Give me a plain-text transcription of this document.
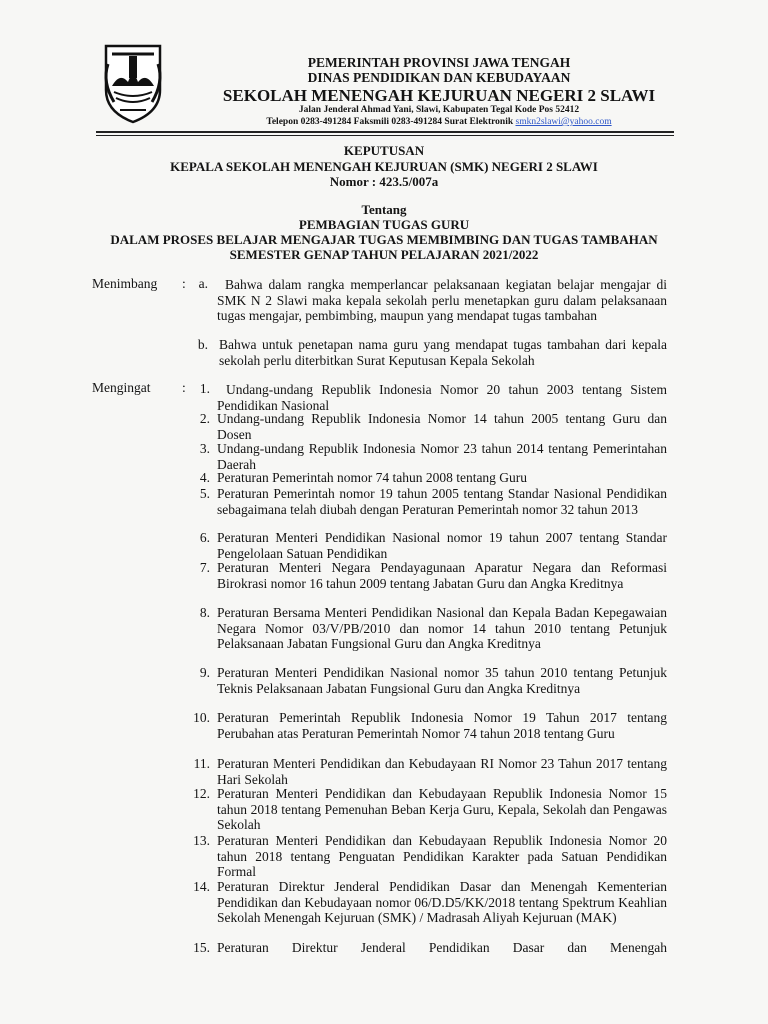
PEMERINTAH PROVINSI JAWA TENGAH
DINAS PENDIDIKAN DAN KEBUDAYAAN
SEKOLAH MENENGAH KEJURUAN NEGERI 2 SLAWI
Jalan Jenderal Ahmad Yani, Slawi, Kabupaten Tegal Kode Pos 52412
Telepon 0283-491284 Faksmili 0283-491284 Surat Elektronik smkn2slawi@yahoo.com
KEPUTUSAN
KEPALA SEKOLAH MENENGAH KEJURUAN (SMK) NEGERI 2 SLAWI
Nomor : 423.5/007a
Tentang
PEMBAGIAN TUGAS GURU
DALAM PROSES BELAJAR MENGAJAR TUGAS MEMBIMBING DAN TUGAS TAMBAHAN
SEMESTER GENAP TAHUN PELAJARAN 2021/2022
Menimbang : a.	Bahwa dalam rangka memperlancar pelaksanaan kegiatan belajar mengajar di SMK N 2 Slawi maka kepala sekolah perlu menetapkan guru dalam pelaksanaan tugas mengajar, pembimbing, maupun yang mendapat tugas tambahan
b. Bahwa untuk penetapan nama guru yang mendapat tugas tambahan dari kepala sekolah perlu diterbitkan Surat Keputusan Kepala Sekolah
Mengingat :	1.	Undang-undang Republik Indonesia Nomor 20 tahun 2003 tentang Sistem Pendidikan Nasional
2. Undang-undang Republik Indonesia Nomor 14 tahun 2005 tentang Guru dan Dosen
3. Undang-undang Republik Indonesia Nomor 23 tahun 2014 tentang Pemerintahan Daerah
4. Peraturan Pemerintah nomor 74 tahun 2008 tentang Guru
5. Peraturan Pemerintah nomor 19 tahun 2005 tentang Standar Nasional Pendidikan sebagaimana telah diubah dengan Peraturan Pemerintah nomor 32 tahun 2013
6. Peraturan Menteri Pendidikan Nasional nomor 19 tahun 2007 tentang Standar Pengelolaan Satuan Pendidikan
7. Peraturan Menteri Negara Pendayagunaan Aparatur Negara dan Reformasi Birokrasi nomor 16 tahun 2009 tentang Jabatan Guru dan Angka Kreditnya
8. Peraturan Bersama Menteri Pendidikan Nasional dan Kepala Badan Kepegawaian Negara Nomor 03/V/PB/2010 dan nomor 14 tahun 2010 tentang Petunjuk Pelaksanaan Jabatan Fungsional Guru dan Angka Kreditnya
9. Peraturan Menteri Pendidikan Nasional nomor 35 tahun 2010 tentang Petunjuk Teknis Pelaksanaan Jabatan Fungsional Guru dan Angka Kreditnya
10. Peraturan Pemerintah Republik Indonesia Nomor 19 Tahun 2017 tentang Perubahan atas Peraturan Pemerintah Nomor 74 tahun 2018 tentang Guru
11. Peraturan Menteri Pendidikan dan Kebudayaan RI Nomor 23 Tahun 2017 tentang Hari Sekolah
12. Peraturan Menteri Pendidikan dan Kebudayaan Republik Indonesia Nomor 15 tahun 2018 tentang Pemenuhan Beban Kerja Guru, Kepala, Sekolah dan Pengawas Sekolah
13. Peraturan Menteri Pendidikan dan Kebudayaan Republik Indonesia Nomor 20 tahun 2018 tentang Penguatan Pendidikan Karakter pada Satuan Pendidikan Formal
14. Peraturan Direktur Jenderal Pendidikan Dasar dan Menengah Kementerian Pendidikan dan Kebudayaan nomor 06/D.D5/KK/2018 tentang Spektrum Keahlian Sekolah Menengah Kejuruan (SMK) / Madrasah Aliyah Kejuruan (MAK)
15. Peraturan Direktur Jenderal Pendidikan Dasar dan Menengah
